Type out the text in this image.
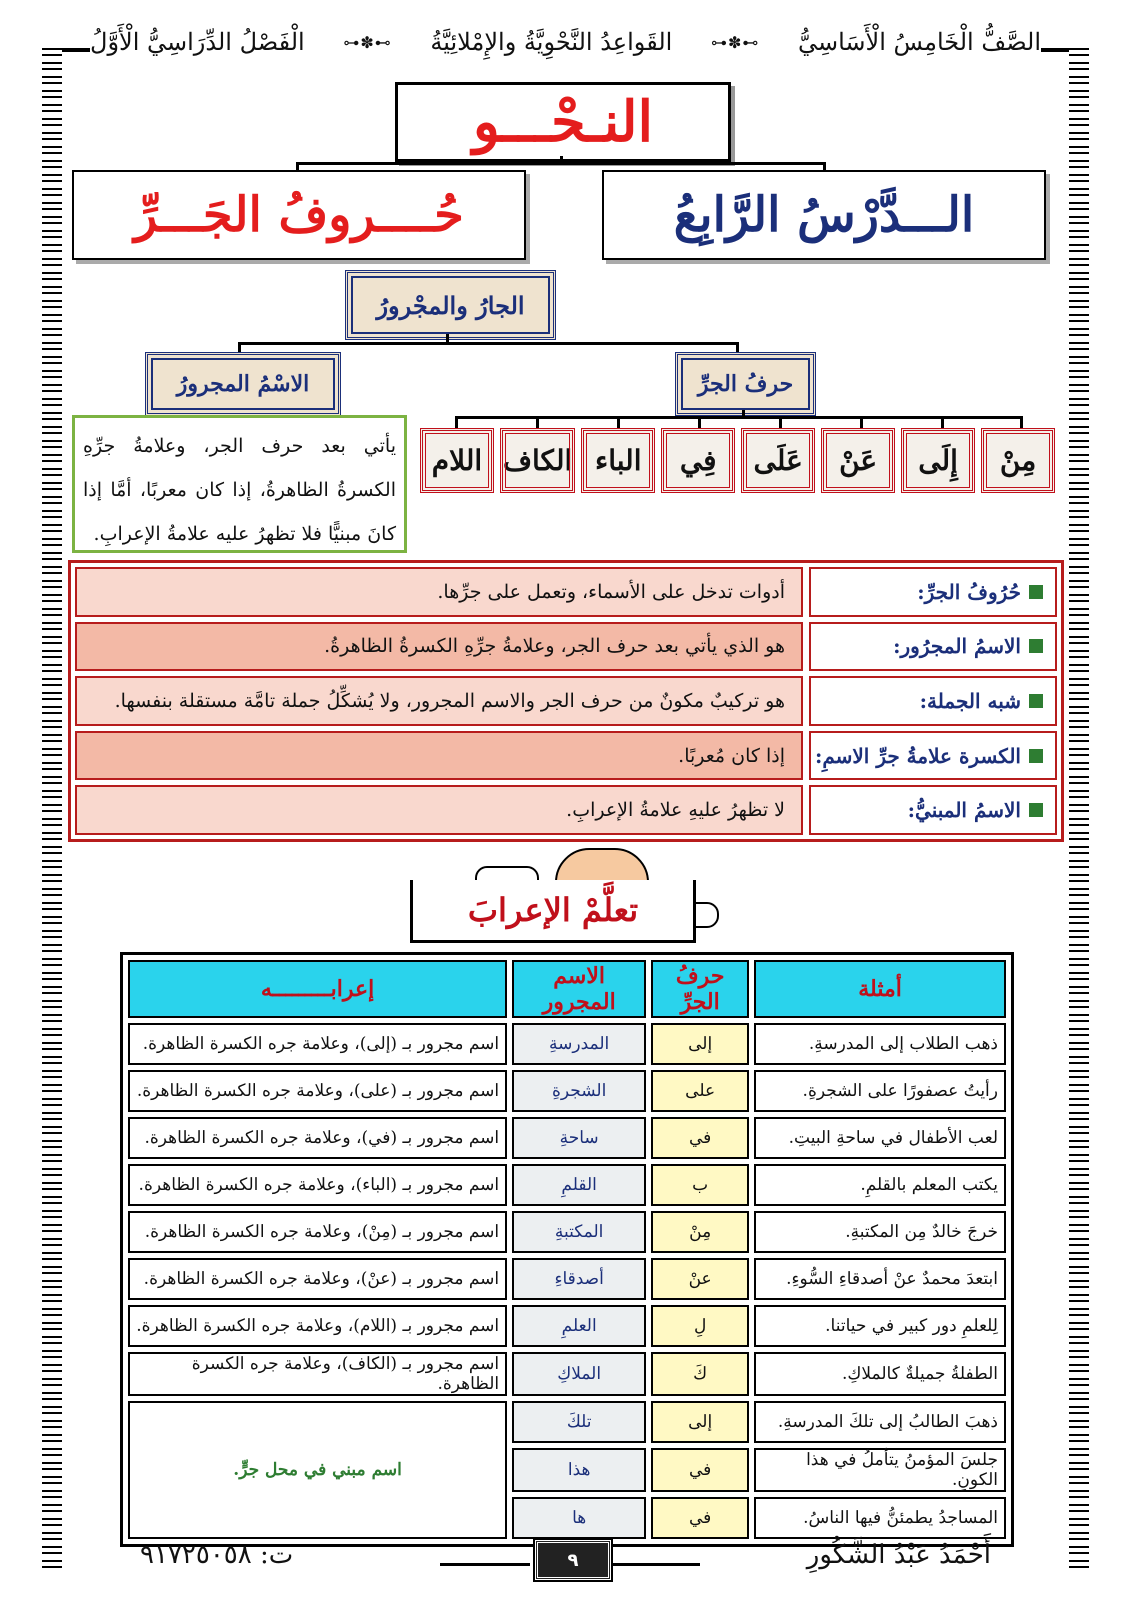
الصَّفُّ الْخَامِسُ الْأَسَاسِيُّ
⊶✽⊷
القَواعِدُ النَّحْوِيَّةُ والإِمْلائِيَّةُ
⊶✽⊷
الْفَصْلُ الدِّرَاسِيُّ الْأَوَّلُ
النـحْـــو
الـــدَّرْسُ الرَّابِعُ
حُــــروفُ الجَـــرِّ
الجارُ والمجْرورُ
الاسْمُ المجرورُ	حرفُ الجرِّ
مِنْ
إِلَى
عَنْ
عَلَى
فِي
الباء
الكاف
اللام
يأتي بعد حرف الجر، وعلامةُ جرِّهِ الكسرةُ الظاهرةُ، إذا كان معربًا، أمَّا إذا كانَ مبنيًّا فلا تظهرُ عليه علامةُ الإعرابِ.
حُرُوفُ الجرِّ:
أدوات تدخل على الأسماء، وتعمل على جرِّها.
الاسمُ المجرُور:
هو الذي يأتي بعد حرف الجر، وعلامةُ جرِّهِ الكسرةُ الظاهرةُ.
شبه الجملة:
هو تركيبٌ مكونٌ من حرف الجر والاسم المجرور، ولا يُشكِّلُ جملة تامَّة مستقلة بنفسها.
الكسرة علامةُ جرِّ الاسمِ:
إذا كان مُعربًا.
الاسمُ المبنيُّ:
لا تظهرُ عليهِ علامةُ الإعرابِ.
تعلَّمْ الإعرابَ
أمثلة	حرفُ الجرِّ	الاسم المجرور	إعرابـــــــــه
ذهب الطلاب إلى المدرسةِ.	إلى	المدرسةِ	اسم مجرور بـ (إلى)، وعلامة جره الكسرة الظاهرة.
رأيتُ عصفورًا على الشجرةِ.	على	الشجرةِ	اسم مجرور بـ (على)، وعلامة جره الكسرة الظاهرة.
لعب الأطفال في ساحةِ البيتِ.	في	ساحةِ	اسم مجرور بـ (في)، وعلامة جره الكسرة الظاهرة.
يكتب المعلم بالقلمِ.	ب	القلمِ	اسم مجرور بـ (الباء)، وعلامة جره الكسرة الظاهرة.
خرجَ خالدٌ مِن المكتبةِ.	مِنْ	المكتبةِ	اسم مجرور بـ (مِنْ)، وعلامة جره الكسرة الظاهرة.
ابتعدَ محمدٌ عنْ أصدقاءِ السُّوءِ.	عنْ	أصدقاءِ	اسم مجرور بـ (عنْ)، وعلامة جره الكسرة الظاهرة.
لِلعلمِ دور كبير في حياتنا.	لِ	العلمِ	اسم مجرور بـ (اللام)، وعلامة جره الكسرة الظاهرة.
الطفلةُ جميلةٌ كالملاكِ.	كَ	الملاكِ	اسم مجرور بـ (الكاف)، وعلامة جره الكسرة الظاهرة.
ذهبَ الطالبُ إلى تلكَ المدرسةِ.	إلى	تلكَ	اسم مبني في محل جرٍّ.
جلسَ المؤمنُ يتأملُ في هذا الكونِ.	في	هذا	
المساجدُ يطمئنُّ فيها الناسُ.	في	ها	
أَحْمَدُ عَبْدُ الشَّكُورِ
ت: ٩١٧٢٥٠٥٨	٩
